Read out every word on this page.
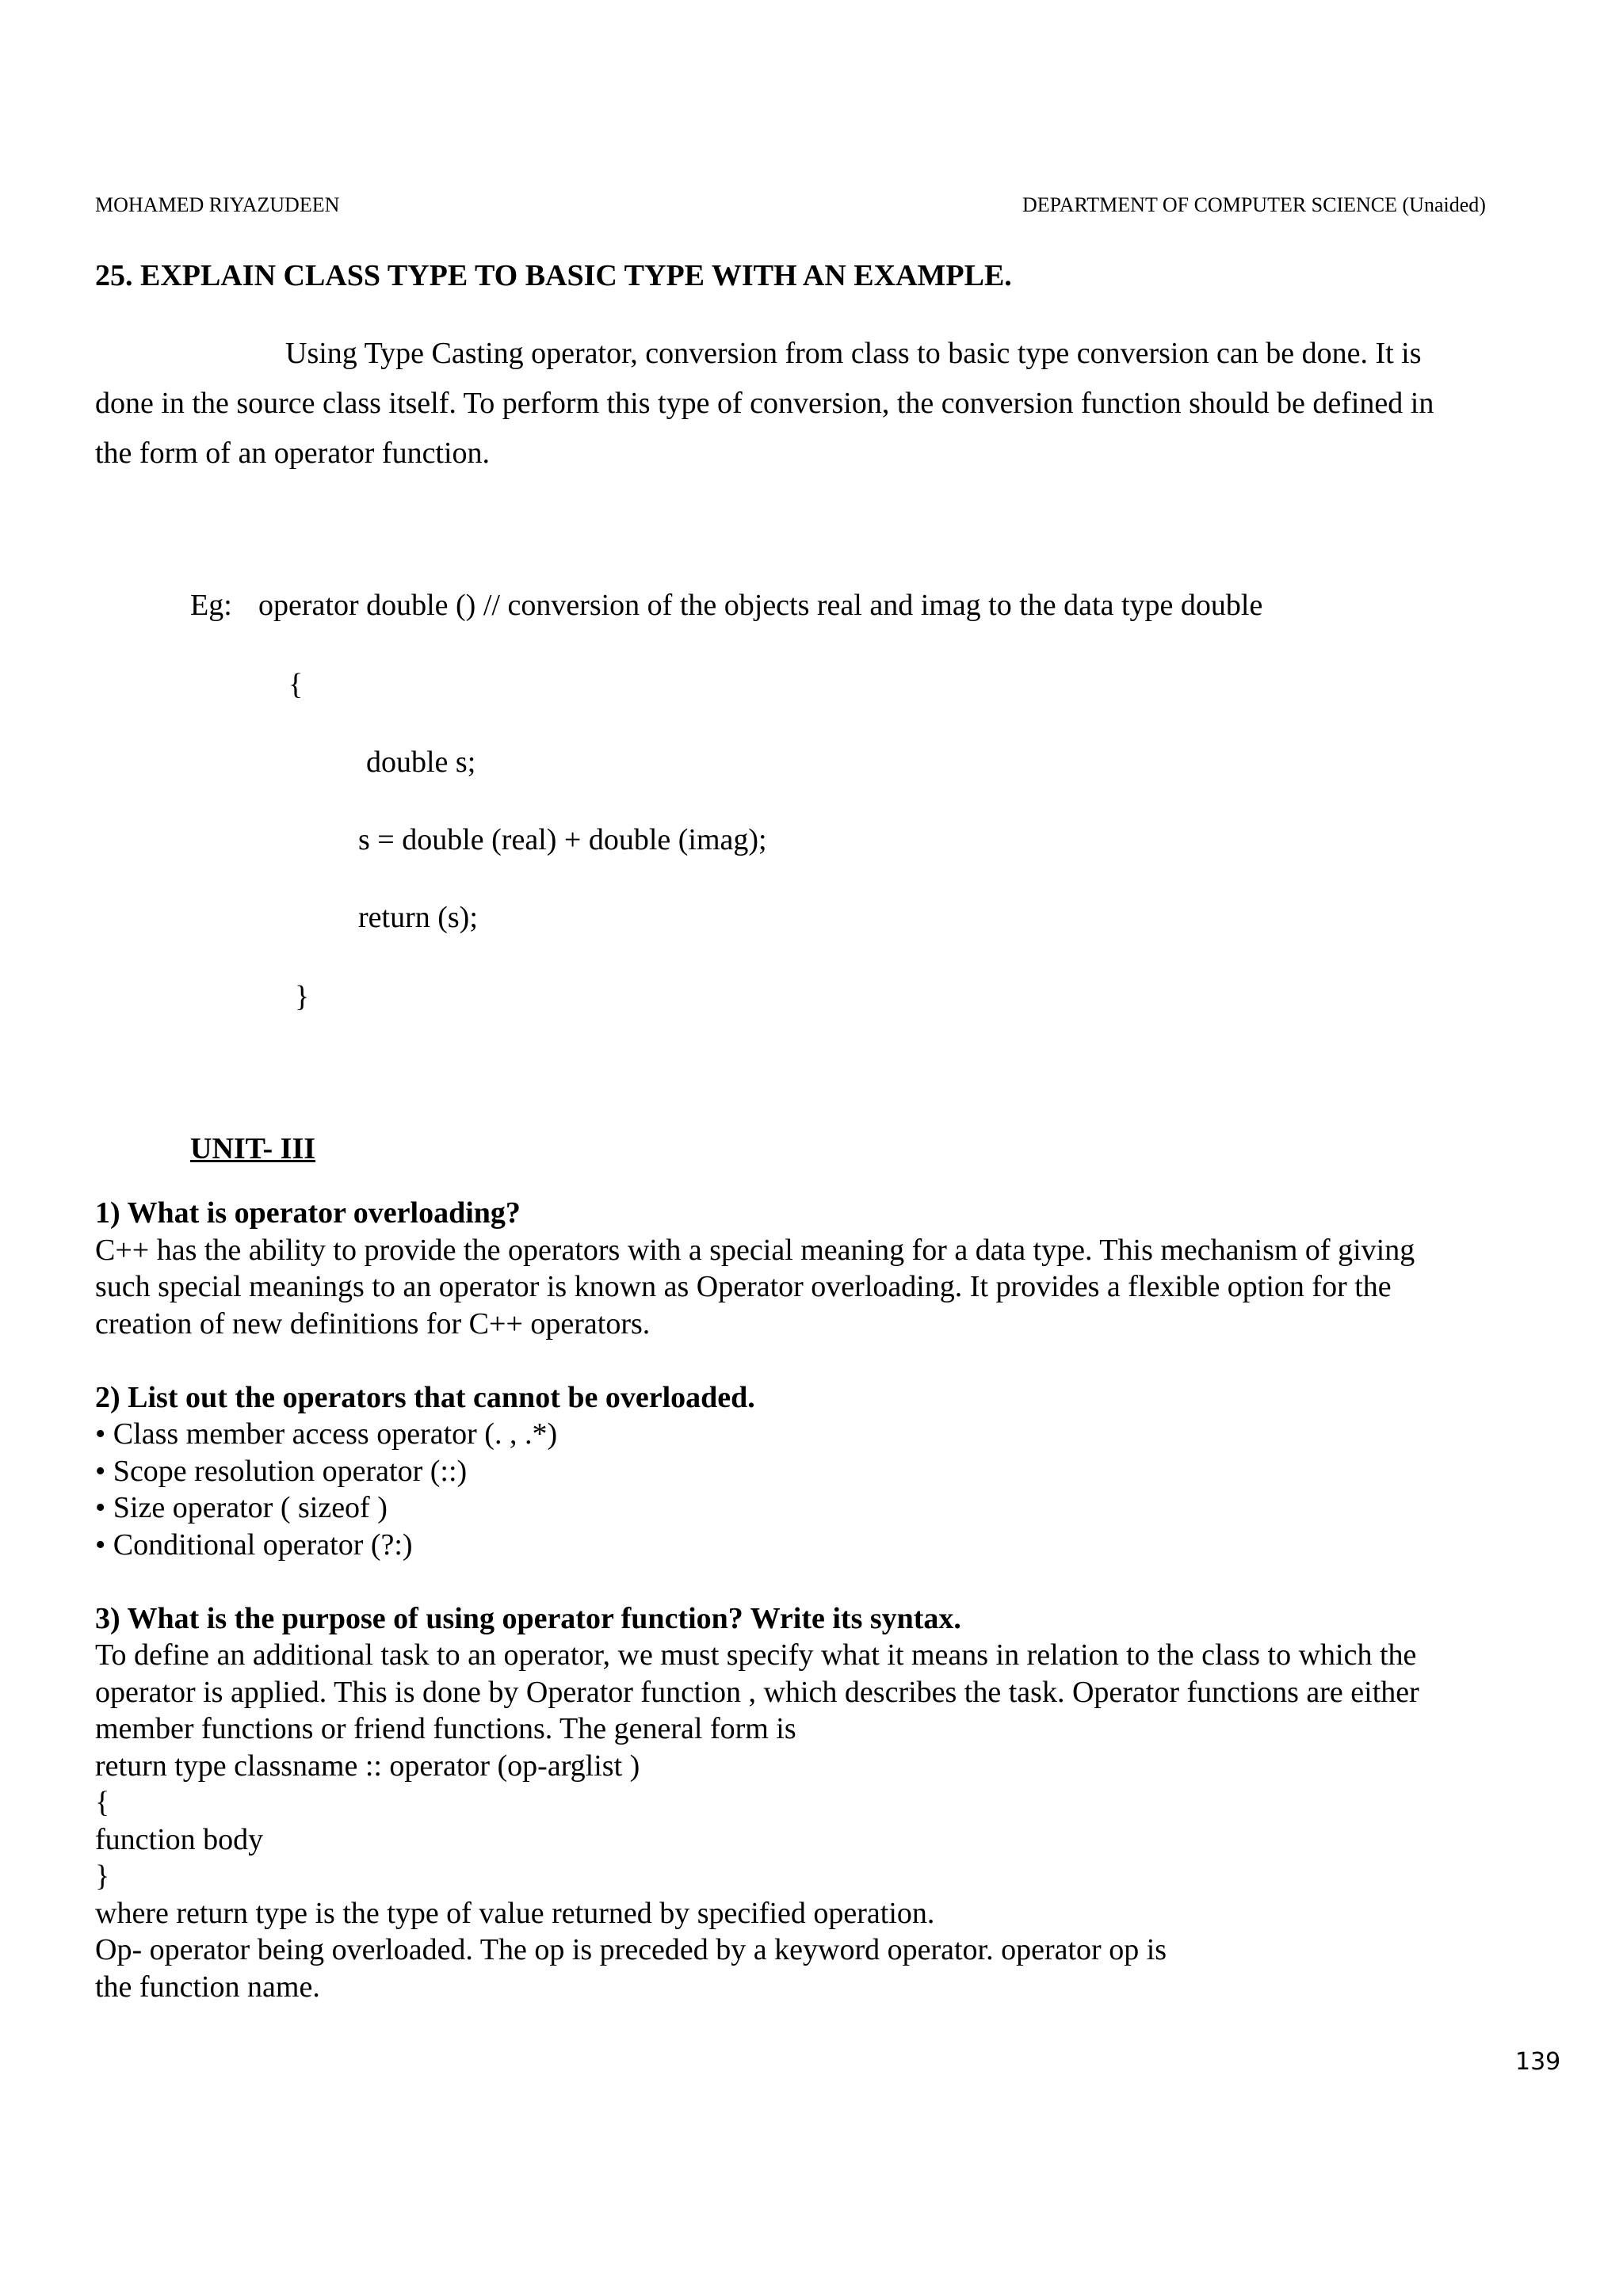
MOHAMED RIYAZUDEEN	DEPARTMENT OF COMPUTER SCIENCE (Unaided)
25. EXPLAIN CLASS TYPE TO BASIC TYPE WITH AN EXAMPLE.
Using Type Casting operator, conversion from class to basic type conversion can be done. It is
done in the source class itself. To perform this type of conversion, the conversion function should be defined in
the form of an operator function.
Eg: operator double () // conversion of the objects real and imag to the data type double
{
double s;
s = double (real) + double (imag);
return (s);
}
UNIT- III
1) What is operator overloading?
C++ has the ability to provide the operators with a special meaning for a data type. This mechanism of giving
such special meanings to an operator is known as Operator overloading. It provides a flexible option for the
creation of new definitions for C++ operators.
2) List out the operators that cannot be overloaded.
• Class member access operator (. , .*)
• Scope resolution operator (::)
• Size operator ( sizeof )
• Conditional operator (?:)
3) What is the purpose of using operator function? Write its syntax.
To define an additional task to an operator, we must specify what it means in relation to the class to which the
operator is applied. This is done by Operator function , which describes the task. Operator functions are either
member functions or friend functions. The general form is
return type classname :: operator (op-arglist )
{
function body
}
where return type is the type of value returned by specified operation.
Op- operator being overloaded. The op is preceded by a keyword operator. operator op is
the function name.
139
